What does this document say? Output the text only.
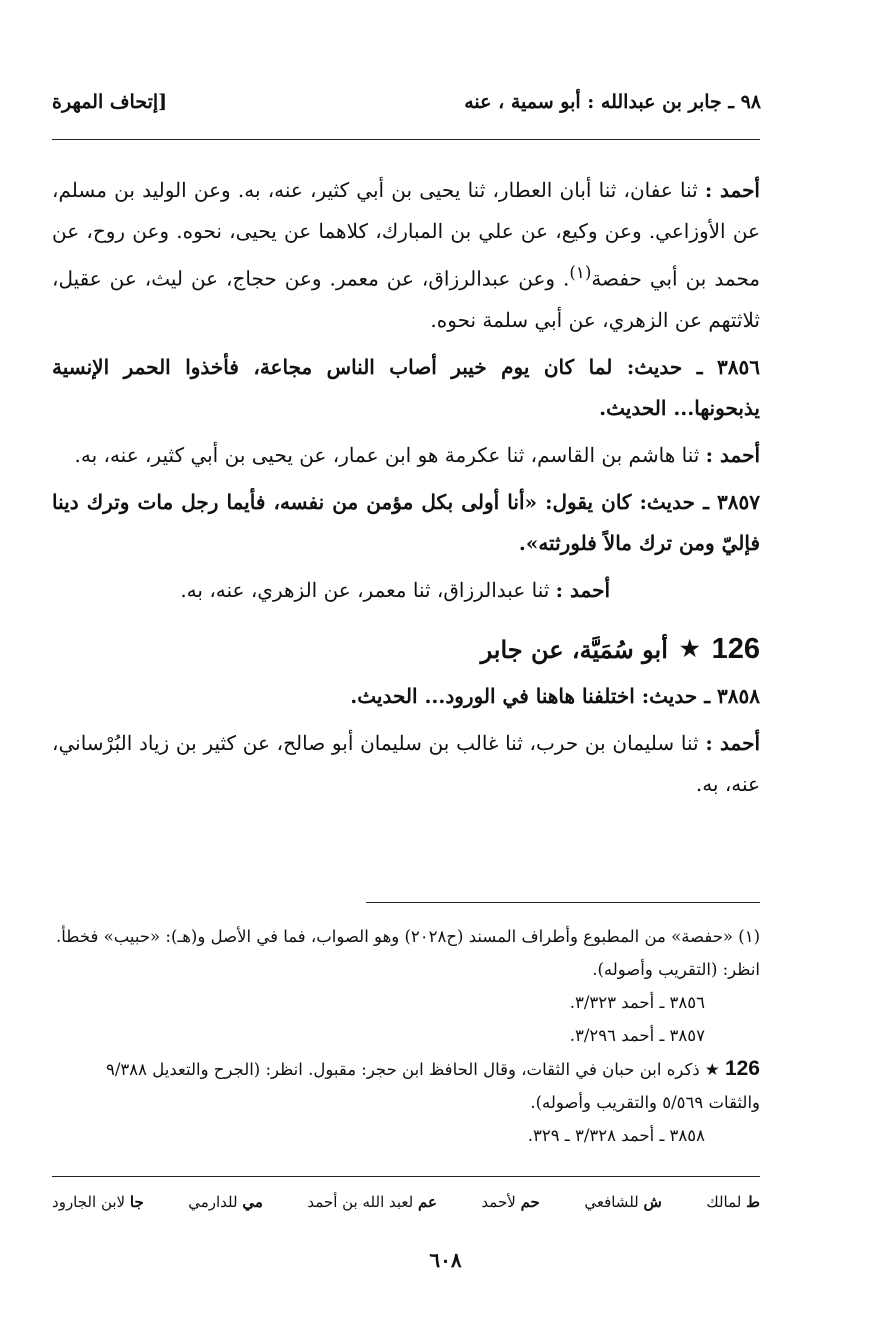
٩٨ ـ جابر بن عبدالله : أبو سمية ، عنه
[إتحاف المهرة

أحمد : ثنا عفان، ثنا أبان العطار، ثنا يحيى بن أبي كثير، عنه، به. وعن الوليد بن مسلم، عن الأوزاعي. وعن وكيع، عن علي بن المبارك، كلاهما عن يحيى، نحوه. وعن روح، عن محمد بن أبي حفصة$^{(١)}$. وعن عبدالرزاق، عن معمر. وعن حجاج، عن ليث، عن عقيل، ثلاثتهم عن الزهري، عن أبي سلمة نحوه.

٣٨٥٦ ـ حديث: لما كان يوم خيبر أصاب الناس مجاعة، فأخذوا الحمر الإنسية يذبحونها... الحديث.

أحمد : ثنا هاشم بن القاسم، ثنا عكرمة هو ابن عمار، عن يحيى بن أبي كثير، عنه، به.

٣٨٥٧ ـ حديث: كان يقول: «أنا أولى بكل مؤمن من نفسه، فأيما رجل مات وترك دينا فإليّ ومن ترك مالاً فلورثته».

أحمد : ثنا عبدالرزاق، ثنا معمر، عن الزهري، عنه، به.

126
★
أبو سُمَيَّة، عن جابر

٣٨٥٨ ـ حديث: اختلفنا هاهنا في الورود... الحديث.

أحمد : ثنا سليمان بن حرب، ثنا غالب بن سليمان أبو صالح، عن كثير بن زياد البُرْساني، عنه، به.

(١) «حفصة» من المطبوع وأطراف المسند (ح٢٠٢٨) وهو الصواب، فما في الأصل و(هـ): «حبيب» فخطأ. انظر: (التقريب وأصوله).

٣٨٥٦ ـ أحمد ٣/٣٢٣.

٣٨٥٧ ـ أحمد ٣/٢٩٦.

126 ★ ذكره ابن حبان في الثقات، وقال الحافظ ابن حجر: مقبول. انظر: (الجرح والتعديل ٩/٣٨٨ والثقات ٥/٥٦٩ والتقريب وأصوله).

٣٨٥٨ ـ أحمد ٣/٣٢٨ ـ ٣٢٩.

ط لمالك
ش للشافعي
حم لأحمد
عم لعبد الله بن أحمد
مي للدارمي
جا لابن الجارود
٦٠٨
